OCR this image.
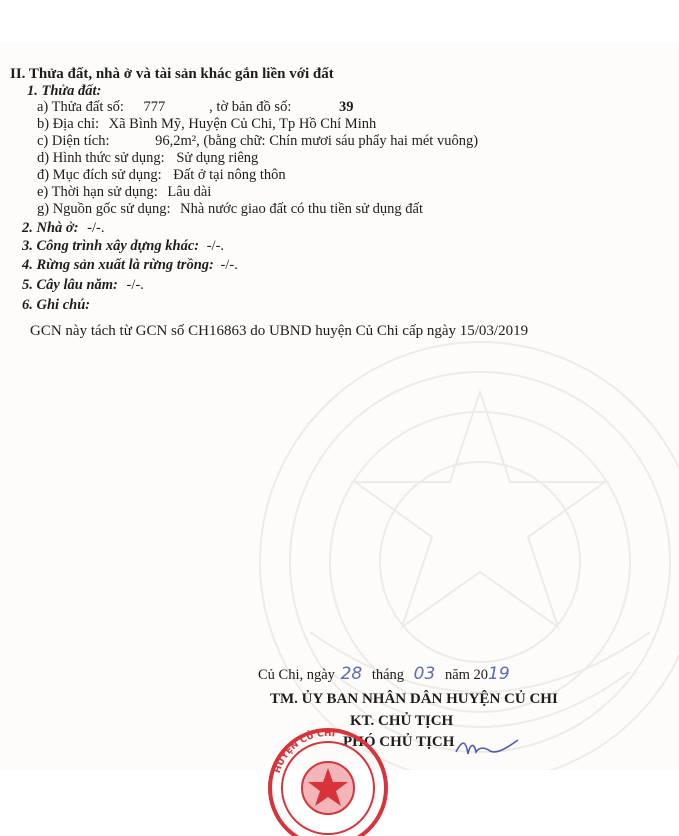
II. Thửa đất, nhà ở và tài sản khác gắn liền với đất
1. Thửa đất:
a) Thửa đất số: 777	, tờ bản đồ số:	39
b) Địa chỉ: Xã Bình Mỹ, Huyện Củ Chi, Tp Hồ Chí Minh
c) Diện tích:	96,2m², (bằng chữ: Chín mươi sáu phẩy hai mét vuông)
d) Hình thức sử dụng: Sử dụng riêng
đ) Mục đích sử dụng: Đất ở tại nông thôn
e) Thời hạn sử dụng: Lâu dài
g) Nguồn gốc sử dụng: Nhà nước giao đất có thu tiền sử dụng đất
2. Nhà ở: -/-.
3. Công trình xây dựng khác: -/-.
4. Rừng sản xuất là rừng trồng: -/-.
5. Cây lâu năm: -/-.
6. Ghi chú:
GCN này tách từ GCN số CH16863 do UBND huyện Củ Chi cấp ngày 15/03/2019
Củ Chi, ngày 28 tháng 03 năm 2019
TM. ỦY BAN NHÂN DÂN HUYỆN CỦ CHI
KT. CHỦ TỊCH
PHÓ CHỦ TỊCH
HUYỆN CỦ CHI
